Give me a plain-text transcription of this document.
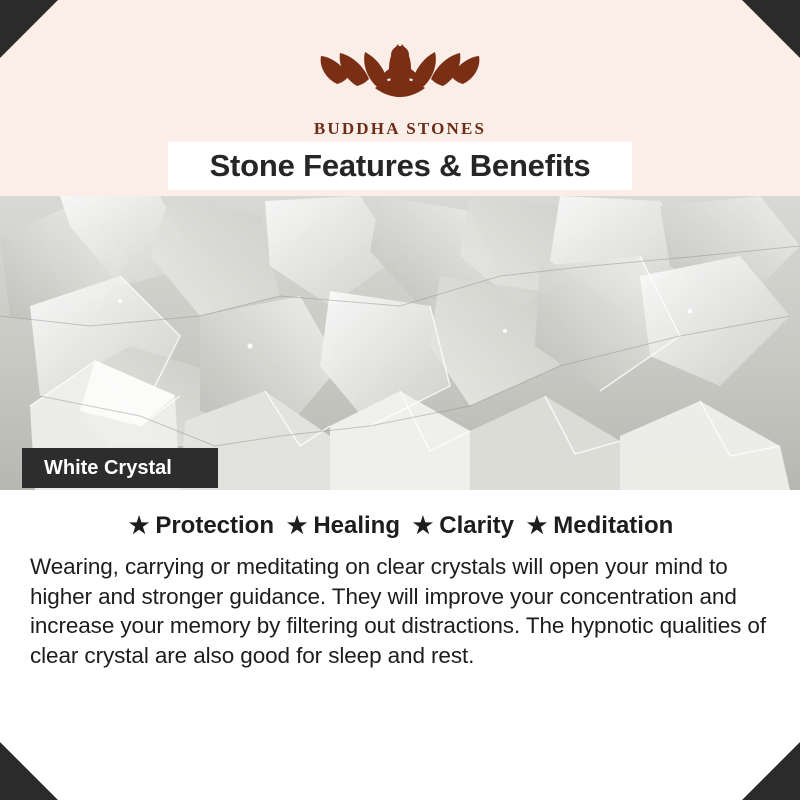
BUDDHA STONES
Stone Features & Benefits
White Crystal
★ Protection ★ Healing ★ Clarity ★ Meditation

Wearing, carrying or meditating on clear crystals will open your mind to higher and stronger guidance. They will improve your concentration and increase your memory by filtering out distractions. The hypnotic qualities of clear crystal are also good for sleep and rest.
